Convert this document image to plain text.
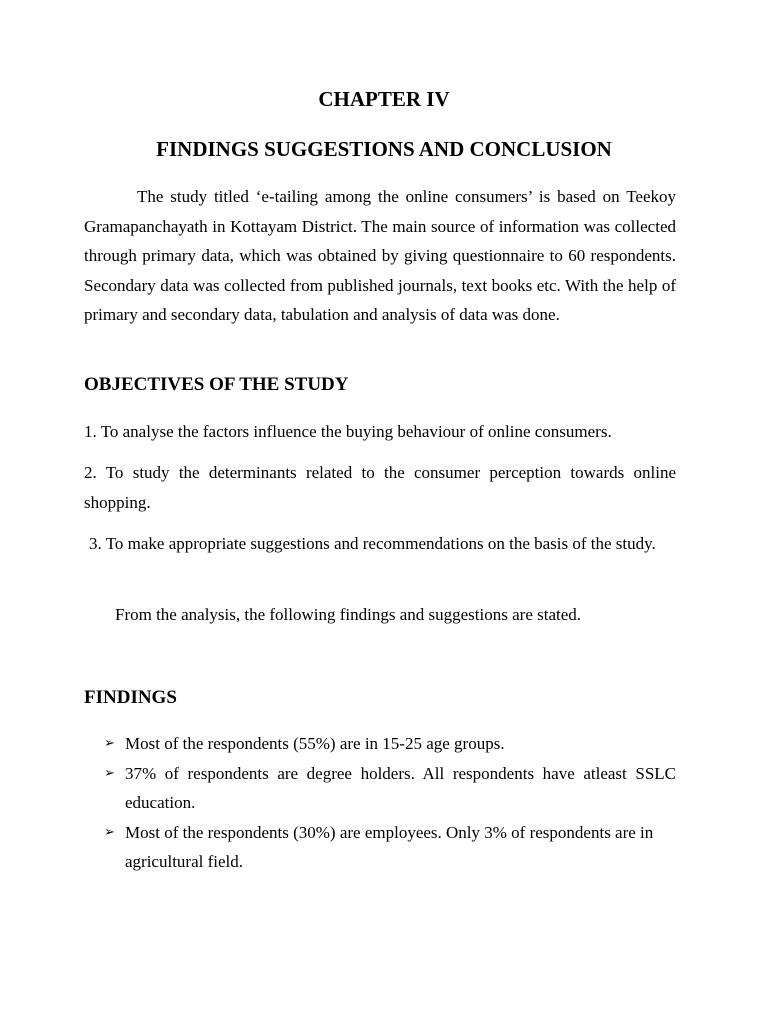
CHAPTER IV
FINDINGS SUGGESTIONS AND CONCLUSION
The study titled ‘e-tailing among the online consumers’ is based on Teekoy Gramapanchayath in Kottayam District. The main source of information was collected through primary data, which was obtained by giving questionnaire to 60 respondents. Secondary data was collected from published journals, text books etc. With the help of primary and secondary data, tabulation and analysis of data was done.
OBJECTIVES OF THE STUDY
1. To analyse the factors influence the buying behaviour of online consumers.
2. To study the determinants related to the consumer perception towards online shopping.
3. To make appropriate suggestions and recommendations on the basis of the study.
From the analysis, the following findings and suggestions are stated.
FINDINGS
➢ Most of the respondents (55%) are in 15-25 age groups.
➢ 37% of respondents are degree holders. All respondents have atleast SSLC education.
➢ Most of the respondents (30%) are employees. Only 3% of respondents are in agricultural field.
